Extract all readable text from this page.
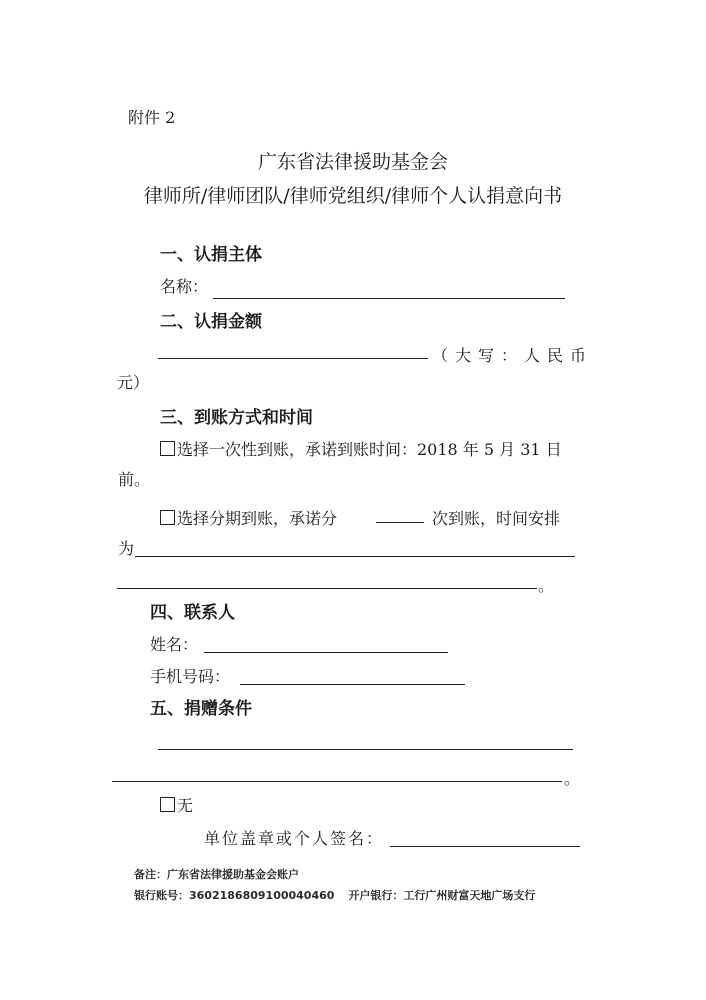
附件 2
广东省法律援助基金会
律师所/律师团队/律师党组织/律师个人认捐意向书
一、认捐主体
名称：
二、认捐金额
（大写：人民币
元）
三、到账方式和时间
选择一次性到账，承诺到账时间：2018 年 5 月 31 日
前。
选择分期到账，承诺分	次到账，时间安排
为
。
四、联系人
姓名：
手机号码：
五、捐赠条件
。
无
单位盖章或个人签名：
备注：广东省法律援助基金会账户
银行账号：3602186809100040460 开户银行：工行广州财富天地广场支行
